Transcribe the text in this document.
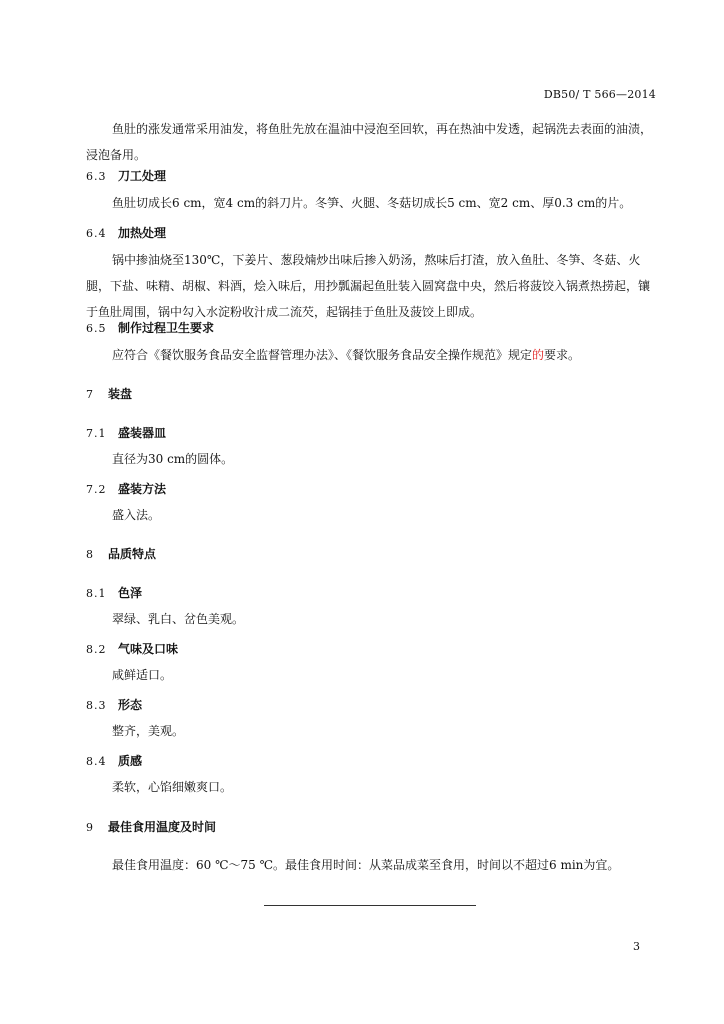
DB50/ T 566—2014

鱼肚的涨发通常采用油发，将鱼肚先放在温油中浸泡至回软，再在热油中发透，起锅洗去表面的油渍，浸泡备用。

6.3 刀工处理

鱼肚切成长6 cm，宽4 cm的斜刀片。冬笋、火腿、冬菇切成长5 cm、宽2 cm、厚0.3 cm的片。

6.4 加热处理

锅中掺油烧至130℃，下姜片、葱段煵炒出味后掺入奶汤，熬味后打渣，放入鱼肚、冬笋、冬菇、火腿，下盐、味精、胡椒、料酒，烩入味后，用抄瓢漏起鱼肚装入圆窝盘中央，然后将菠饺入锅煮热捞起，镶于鱼肚周围，锅中勾入水淀粉收汁成二流芡，起锅挂于鱼肚及菠饺上即成。

6.5 制作过程卫生要求

应符合《餐饮服务食品安全监督管理办法》、《餐饮服务食品安全操作规范》规定的要求。

7 装盘
7.1 盛装器皿

直径为30 cm的圆体。

7.2 盛装方法

盛入法。

8 品质特点
8.1 色泽

翠绿、乳白、岔色美观。

8.2 气味及口味

咸鲜适口。

8.3 形态

整齐，美观。

8.4 质感

柔软，心馅细嫩爽口。

9 最佳食用温度及时间

最佳食用温度：60 ℃～75 ℃。最佳食用时间：从菜品成菜至食用，时间以不超过6 min为宜。

3
